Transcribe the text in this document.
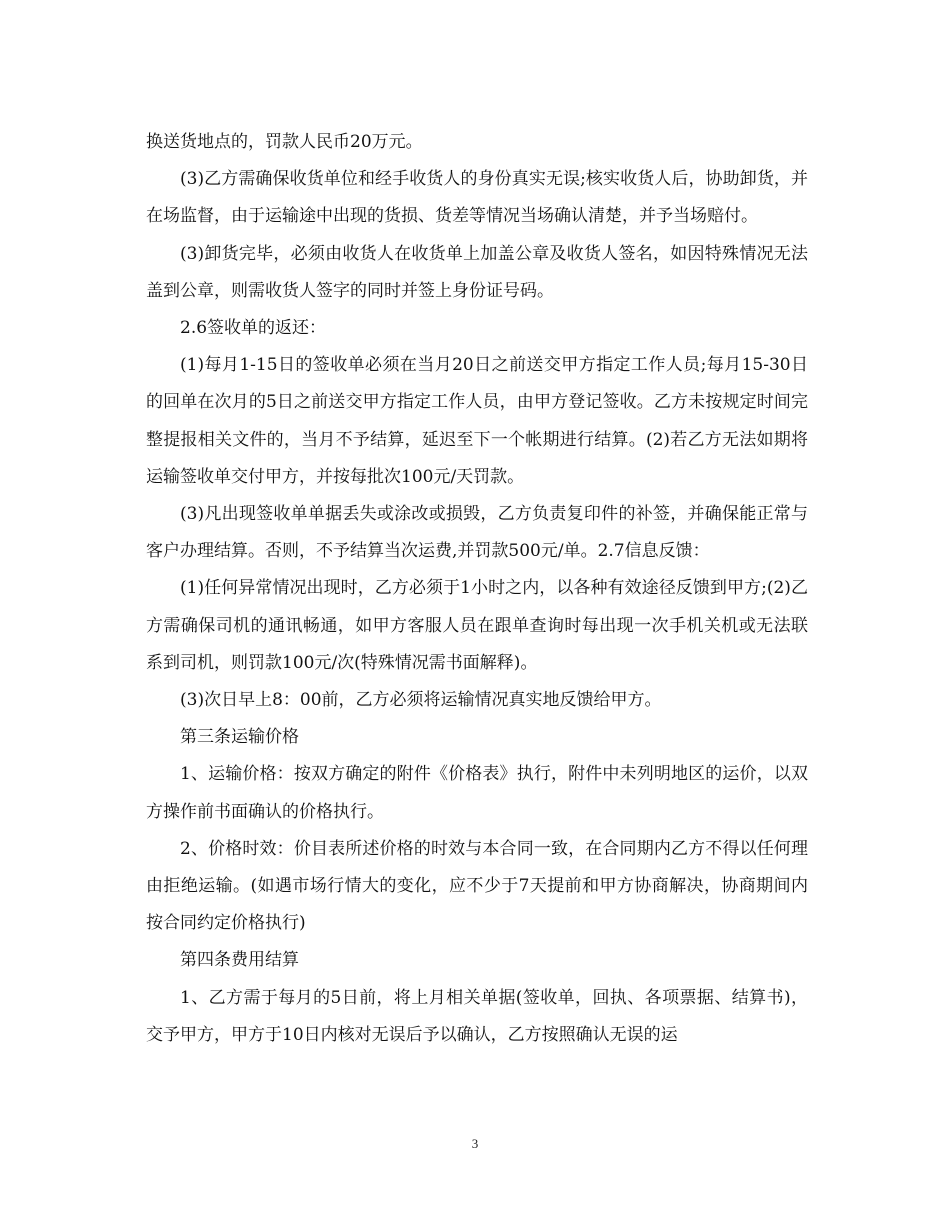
换送货地点的，罚款人民币20万元。

(3)乙方需确保收货单位和经手收货人的身份真实无误;核实收货人后，协助卸货，并在场监督，由于运输途中出现的货损、货差等情况当场确认清楚，并予当场赔付。

(3)卸货完毕，必须由收货人在收货单上加盖公章及收货人签名，如因特殊情况无法盖到公章，则需收货人签字的同时并签上身份证号码。

2.6签收单的返还：

(1)每月1-15日的签收单必须在当月20日之前送交甲方指定工作人员;每月15-30日的回单在次月的5日之前送交甲方指定工作人员，由甲方登记签收。乙方未按规定时间完整提报相关文件的，当月不予结算，延迟至下一个帐期进行结算。(2)若乙方无法如期将运输签收单交付甲方，并按每批次100元/天罚款。

(3)凡出现签收单单据丢失或涂改或损毁，乙方负责复印件的补签，并确保能正常与客户办理结算。否则，不予结算当次运费,并罚款500元/单。2.7信息反馈：

(1)任何异常情况出现时，乙方必须于1小时之内，以各种有效途径反馈到甲方;(2)乙方需确保司机的通讯畅通，如甲方客服人员在跟单查询时每出现一次手机关机或无法联系到司机，则罚款100元/次(特殊情况需书面解释)。

(3)次日早上8：00前，乙方必须将运输情况真实地反馈给甲方。

第三条运输价格

1、运输价格：按双方确定的附件《价格表》执行，附件中未列明地区的运价，以双方操作前书面确认的价格执行。

2、价格时效：价目表所述价格的时效与本合同一致，在合同期内乙方不得以任何理由拒绝运输。(如遇市场行情大的变化，应不少于7天提前和甲方协商解决，协商期间内按合同约定价格执行)

第四条费用结算

1、乙方需于每月的5日前，将上月相关单据(签收单，回执、各项票据、结算书)，交予甲方，甲方于10日内核对无误后予以确认，乙方按照确认无误的运

3
